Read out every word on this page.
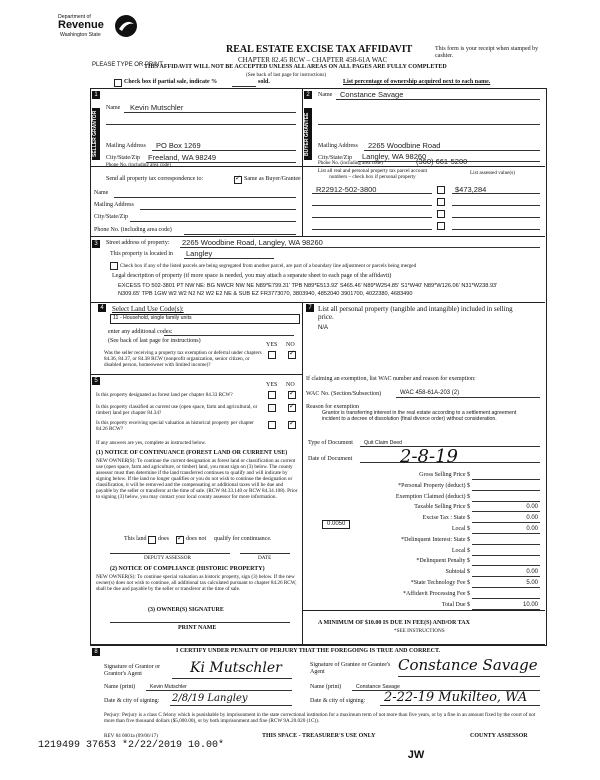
Department of
Revenue
Washington State
PLEASE TYPE OR PRINT
REAL ESTATE EXCISE TAX AFFIDAVIT
CHAPTER 82.45 RCW – CHAPTER 458-61A WAC
THIS AFFIDAVIT WILL NOT BE ACCEPTED UNLESS ALL AREAS ON ALL PAGES ARE FULLY COMPLETED
This form is your receipt when stamped by cashier.
(See back of last page for instructions)
Check box if partial sale, indicate %	sold.	List percentage of ownership acquired next to each name.
1
SELLER GRANTOR
Name Kevin Mutschler
Mailing Address PO Box 1269
City/State/Zip Freeland, WA 98249
Phone No. (including area code)
2
BUYER GRANTEE
Name Constance Savage
Mailing Address 2265 Woodbine Road
City/State/Zip Langley, WA 98260
Phone No. (including area code)	(360) 661-5200
Send all property tax correspondence to: ✓	Same as Buyer/Grantee
Name
Mailing Address
City/State/Zip
Phone No. (including area code)
List all real and personal property tax parcel account numbers – check box if personal property
List assessed value(s)
R22912-502-3800	$473,284
3	Street address of property: 2265 Woodbine Road, Langley, WA 98260
This property is located in Langley
Check box if any of the listed parcels are being segregated from another parcel, are part of a boundary line adjustment or parcels being merged
Legal description of property (if more space is needed, you may attach a separate sheet to each page of the affidavit)
EXCESS TO 502-3801 PT NW NE: BG NWCR NW NE N89*E799.31' TPB N89*E513.92' S465.46' N89*W254.85' S1*W40' N89*W126.06' N31*W238.93' N309.65' TPB 1GW W2 W2 N2 N2 W2 E2 NE & SUB EZ FR3773070, 3803940, 4852040 3901700, 4022380, 4683490
4	Select Land Use Code(s):
11 - Household, single family units
enter any additional codes:
(See back of last page for instructions)
YES NO
Was the seller receiving a property tax exemption or deferral under chapters 84.36, 84.37, or 84.38 RCW (nonprofit organization, senior citizen, or disabled person, homeowner with limited income)?
✓
7 List all personal property (tangible and intangible) included in selling price.
N/A
5
YES NO
Is this property designated as forest land per chapter 84.33 RCW?
✓
Is this property classified as current use (open space, farm and agricultural, or timber) land per chapter 84.34?
✓
Is this property receiving special valuation as historical property per chapter 84.26 RCW?
✓
If any answers are yes, complete as instructed below.
(1) NOTICE OF CONTINUANCE (FOREST LAND OR CURRENT USE)
NEW OWNER(S): To continue the current designation as forest land or classification as current use (open space, farm and agriculture, or timber) land, you must sign on (3) below. The county assessor must then determine if the land transferred continues to qualify and will indicate by signing below. If the land no longer qualifies or you do not wish to continue the designation or classification, it will be removed and the compensating or additional taxes will be due and payable by the seller or transferor at the time of sale. (RCW 84.33.140 or RCW 84.34.108). Prior to signing (3) below, you may contact your local county assessor for more information.
This land does ✓	does not qualify for continuance.
DEPUTY ASSESSOR	DATE
(2) NOTICE OF COMPLIANCE (HISTORIC PROPERTY)
NEW OWNER(S): To continue special valuation as historic property, sign (3) below. If the new owner(s) does not wish to continue, all additional tax calculated pursuant to chapter 84.26 RCW, shall be due and payable by the seller or transferor at the time of sale.
(3) OWNER(S) SIGNATURE
PRINT NAME
If claiming an exemption, list WAC number and reason for exemption:
WAC No. (Section/Subsection)	WAC 458-61A-203 (2)
Reason for exemption
Grantor is transferring interest in the real estate according to a settlement agreement incident to a decree of dissolution (final divorce order) without consideration.
Type of Document Quit Claim Deed
Date of Document	2-8-19
Gross Selling Price $
*Personal Property (deduct) $
Exemption Claimed (deduct) $
Taxable Selling Price $	0.00
Excise Tax : State $	0.00
Local $	0.00
*Delinquent Interest: State $
Local $
*Delinquent Penalty $
Subtotal $	0.00
*State Technology Fee $	5.00
*Affidavit Processing Fee $
Total Due $	10.00
0.0050
A MINIMUM OF $10.00 IS DUE IN FEE(S) AND/OR TAX
*SEE INSTRUCTIONS
8	I CERTIFY UNDER PENALTY OF PERJURY THAT THE FOREGOING IS TRUE AND CORRECT.
Signature of Grantor or Grantor's Agent	Ki Mutschler
Name (print)	Kevin Mutschler
Date & city of signing: 2/8/19 Langley
Signature of Grantee or Grantee's Agent	Constance Savage
Name (print)	Constance Savage
Date & city of signing: 2-22-19 Mukilteo, WA
Perjury: Perjury is a class C felony which is punishable by imprisonment in the state correctional institution for a maximum term of not more than five years, or by a fine in an amount fixed by the court of not more than five thousand dollars ($5,000.00), or by both imprisonment and fine (RCW 9A.20.020 (1C)).
REV 84 0001a (09/06/17)	THIS SPACE - TREASURER'S USE ONLY	COUNTY ASSESSOR
1219499 37653 *2/22/2019 10.00*
JW
